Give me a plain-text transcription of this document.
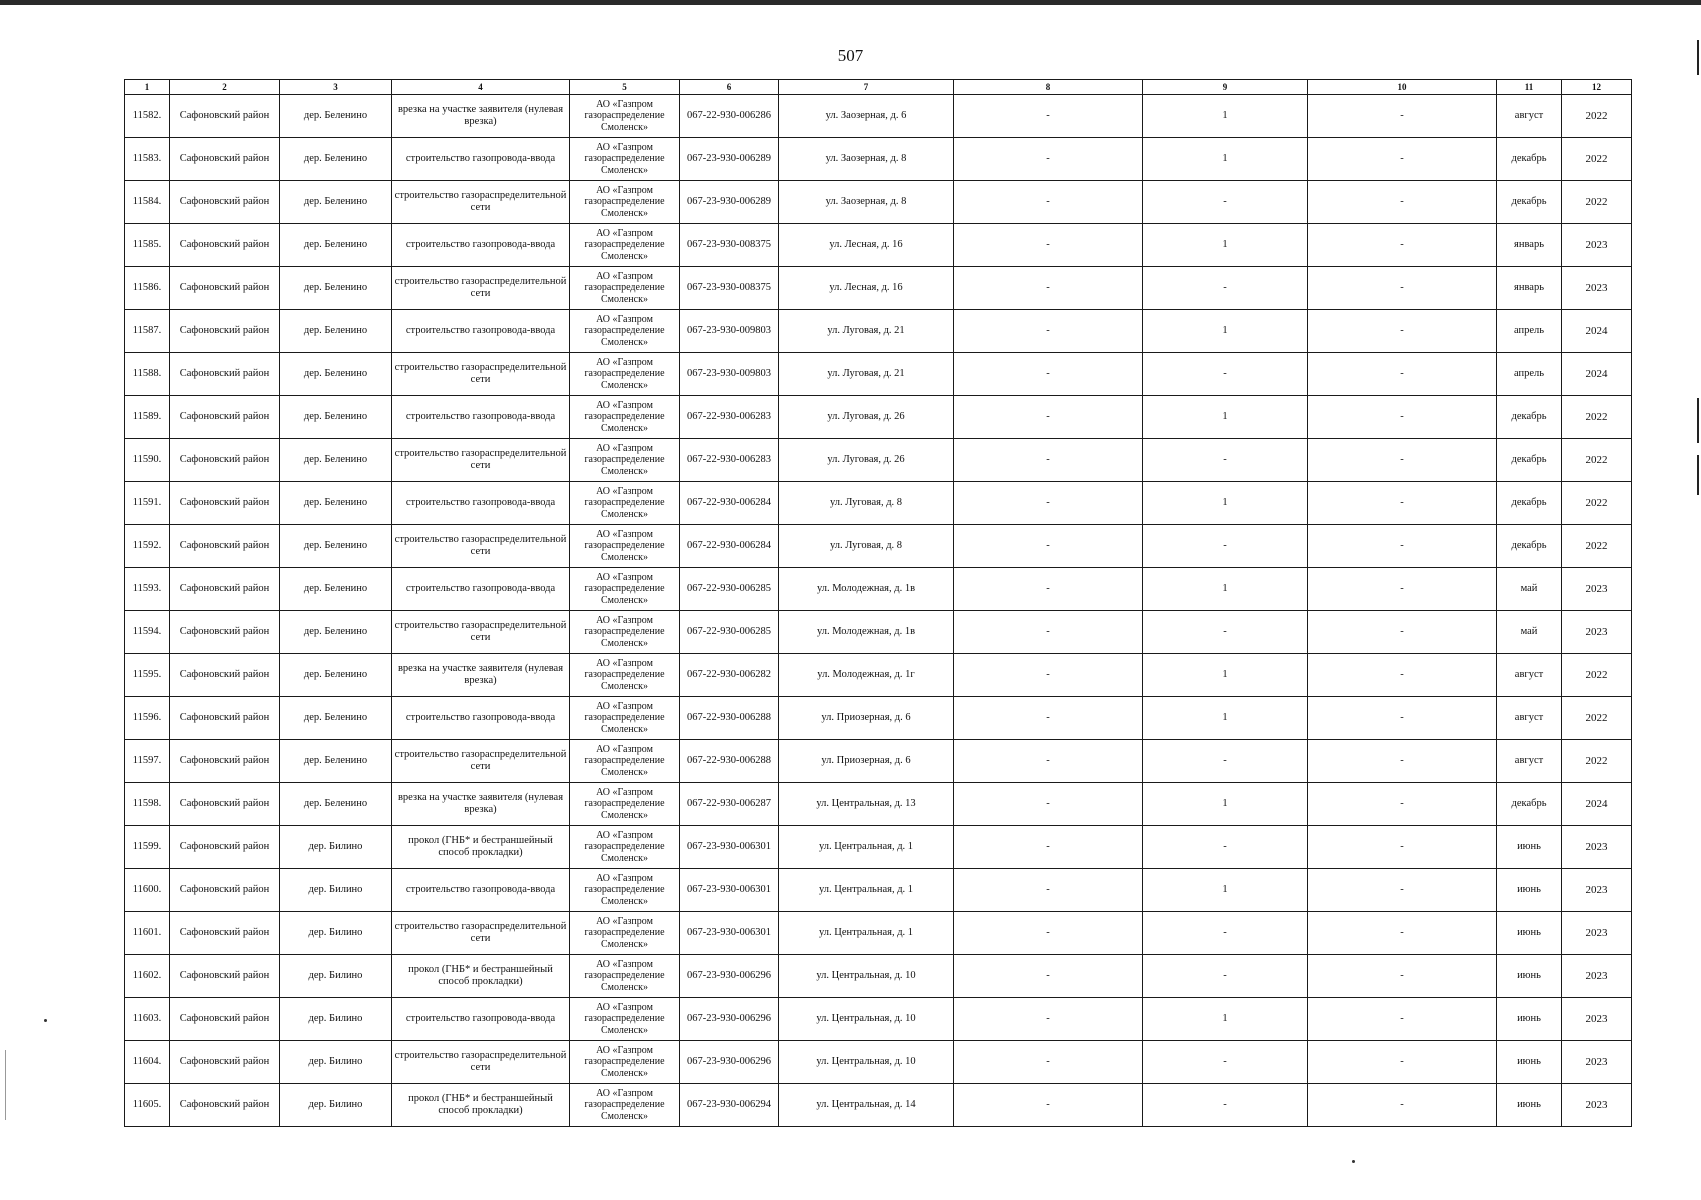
507
1	2	3	4	5	6	7	8	9	10	11	12
11582.	Сафоновский район	дер. Беленино	врезка на участке заявителя (нулевая врезка)	АО «Газпром газораспределение Смоленск»	067-22-930-006286	ул. Заозерная, д. 6	-	1	-	август	2022
11583.	Сафоновский район	дер. Беленино	строительство газопровода-ввода	АО «Газпром газораспределение Смоленск»	067-23-930-006289	ул. Заозерная, д. 8	-	1	-	декабрь	2022
11584.	Сафоновский район	дер. Беленино	строительство газораспределительной сети	АО «Газпром газораспределение Смоленск»	067-23-930-006289	ул. Заозерная, д. 8	-	-	-	декабрь	2022
11585.	Сафоновский район	дер. Беленино	строительство газопровода-ввода	АО «Газпром газораспределение Смоленск»	067-23-930-008375	ул. Лесная, д. 16	-	1	-	январь	2023
11586.	Сафоновский район	дер. Беленино	строительство газораспределительной сети	АО «Газпром газораспределение Смоленск»	067-23-930-008375	ул. Лесная, д. 16	-	-	-	январь	2023
11587.	Сафоновский район	дер. Беленино	строительство газопровода-ввода	АО «Газпром газораспределение Смоленск»	067-23-930-009803	ул. Луговая, д. 21	-	1	-	апрель	2024
11588.	Сафоновский район	дер. Беленино	строительство газораспределительной сети	АО «Газпром газораспределение Смоленск»	067-23-930-009803	ул. Луговая, д. 21	-	-	-	апрель	2024
11589.	Сафоновский район	дер. Беленино	строительство газопровода-ввода	АО «Газпром газораспределение Смоленск»	067-22-930-006283	ул. Луговая, д. 26	-	1	-	декабрь	2022
11590.	Сафоновский район	дер. Беленино	строительство газораспределительной сети	АО «Газпром газораспределение Смоленск»	067-22-930-006283	ул. Луговая, д. 26	-	-	-	декабрь	2022
11591.	Сафоновский район	дер. Беленино	строительство газопровода-ввода	АО «Газпром газораспределение Смоленск»	067-22-930-006284	ул. Луговая, д. 8	-	1	-	декабрь	2022
11592.	Сафоновский район	дер. Беленино	строительство газораспределительной сети	АО «Газпром газораспределение Смоленск»	067-22-930-006284	ул. Луговая, д. 8	-	-	-	декабрь	2022
11593.	Сафоновский район	дер. Беленино	строительство газопровода-ввода	АО «Газпром газораспределение Смоленск»	067-22-930-006285	ул. Молодежная, д. 1в	-	1	-	май	2023
11594.	Сафоновский район	дер. Беленино	строительство газораспределительной сети	АО «Газпром газораспределение Смоленск»	067-22-930-006285	ул. Молодежная, д. 1в	-	-	-	май	2023
11595.	Сафоновский район	дер. Беленино	врезка на участке заявителя (нулевая врезка)	АО «Газпром газораспределение Смоленск»	067-22-930-006282	ул. Молодежная, д. 1г	-	1	-	август	2022
11596.	Сафоновский район	дер. Беленино	строительство газопровода-ввода	АО «Газпром газораспределение Смоленск»	067-22-930-006288	ул. Приозерная, д. 6	-	1	-	август	2022
11597.	Сафоновский район	дер. Беленино	строительство газораспределительной сети	АО «Газпром газораспределение Смоленск»	067-22-930-006288	ул. Приозерная, д. 6	-	-	-	август	2022
11598.	Сафоновский район	дер. Беленино	врезка на участке заявителя (нулевая врезка)	АО «Газпром газораспределение Смоленск»	067-22-930-006287	ул. Центральная, д. 13	-	1	-	декабрь	2024
11599.	Сафоновский район	дер. Билино	прокол (ГНБ* и бестраншейный способ прокладки)	АО «Газпром газораспределение Смоленск»	067-23-930-006301	ул. Центральная, д. 1	-	-	-	июнь	2023
11600.	Сафоновский район	дер. Билино	строительство газопровода-ввода	АО «Газпром газораспределение Смоленск»	067-23-930-006301	ул. Центральная, д. 1	-	1	-	июнь	2023
11601.	Сафоновский район	дер. Билино	строительство газораспределительной сети	АО «Газпром газораспределение Смоленск»	067-23-930-006301	ул. Центральная, д. 1	-	-	-	июнь	2023
11602.	Сафоновский район	дер. Билино	прокол (ГНБ* и бестраншейный способ прокладки)	АО «Газпром газораспределение Смоленск»	067-23-930-006296	ул. Центральная, д. 10	-	-	-	июнь	2023
11603.	Сафоновский район	дер. Билино	строительство газопровода-ввода	АО «Газпром газораспределение Смоленск»	067-23-930-006296	ул. Центральная, д. 10	-	1	-	июнь	2023
11604.	Сафоновский район	дер. Билино	строительство газораспределительной сети	АО «Газпром газораспределение Смоленск»	067-23-930-006296	ул. Центральная, д. 10	-	-	-	июнь	2023
11605.	Сафоновский район	дер. Билино	прокол (ГНБ* и бестраншейный способ прокладки)	АО «Газпром газораспределение Смоленск»	067-23-930-006294	ул. Центральная, д. 14	-	-	-	июнь	2023
